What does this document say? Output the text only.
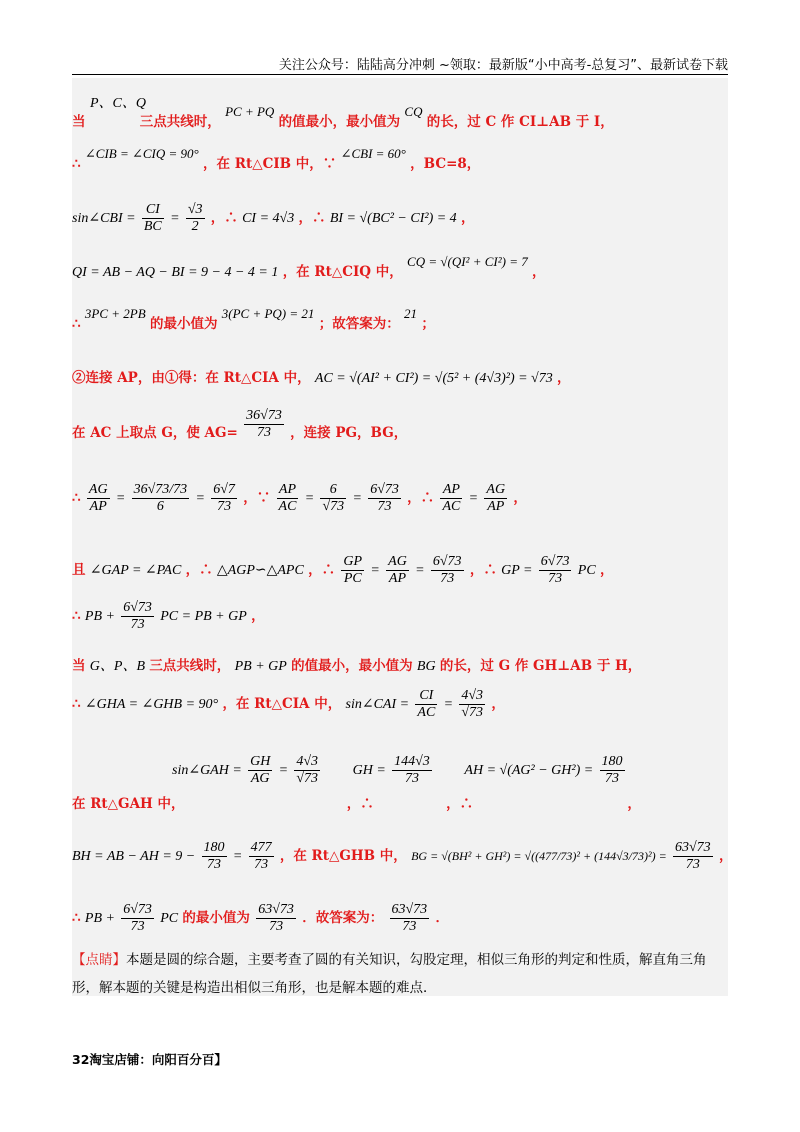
关注公众号：陆陆高分冲刺 ~领取：最新版“小中高考-总复习”、最新试卷下载
P、C、Q
当	三点共线时， PC + PQ 的值最小，最小值为 CQ 的长，过 C 作 CI⊥AB 于 I，
∴ ∠CIB = ∠CIQ = 90° ，在 Rt△CIB 中，∵ ∠CBI = 60° ，BC=8，
sin∠CBI = $\frac{CI}{BC} = \frac{√3}{2}$ ，∴ CI = 4√3 ，∴ BI = √(BC² − CI²) = 4 ，
QI = AB − AQ − BI = 9 − 4 − 4 = 1 ，在 Rt△CIQ 中， CQ = √(QI² + CI²) = 7 ，
∴ 3PC + 2PB 的最小值为 3(PC + PQ) = 21 ；故答案为： 21 ；
②连接 AP，由①得：在 Rt△CIA 中， AC = √(AI² + CI²) = √(5² + (4√3)²) = √73 ，
在 AC 上取点 G，使 $AG= \frac{36√73}{73}$ ，连接 PG，BG，
∴ $\frac{AG}{AP} = \frac{36√73/73}{6} = \frac{6√7}{73}$ ，∵ $\frac{AP}{AC} = \frac{6}{√73} = \frac{6√73}{73}$ ，∴ $\frac{AP}{AC} = \frac{AG}{AP}$ ，
且 ∠GAP = ∠PAC ，∴ △AGP∽△APC ，∴ $\frac{GP}{PC} = \frac{AG}{AP} = \frac{6√73}{73}$ ，∴ GP = $\frac{6√73}{73}$ PC ，
∴ PB + $\frac{6√73}{73}$ PC = PB + GP ，
当 G、P、B 三点共线时， PB + GP 的值最小，最小值为 BG 的长，过 G 作 GH⊥AB 于 H，
∴ ∠GHA = ∠GHB = 90° ，在 Rt△CIA 中， sin∠CAI = $\frac{CI}{AC} = \frac{4√3}{√73}$ ，
sin∠GAH = $\frac{GH}{AG} = \frac{4√3}{√73}$ GH = $\frac{144√3}{73}$ AH = $√(AG^2 - GH^2) = \frac{180}{73}$
在 Rt△GAH 中，	，∴	，∴	，
BH = AB − AH = $9 - \frac{180}{73} = \frac{477}{73}$ ，在 Rt△GHB 中， BG = $√(BH^2 + GH^2) = √((477/73)^2 + (144√3/73)^2) = \frac{63√73}{73}$ ，
∴ PB + $\frac{6√73}{73}$ PC 的最小值为 $\frac{63√73}{73}$ ．故答案为： $\frac{63√73}{73}$ ．
【点睛】本题是圆的综合题，主要考查了圆的有关知识，勾股定理，相似三角形的判定和性质，解直角三角形，解本题的关键是构造出相似三角形，也是解本题的难点．
32淘宝店铺：向阳百分百】
